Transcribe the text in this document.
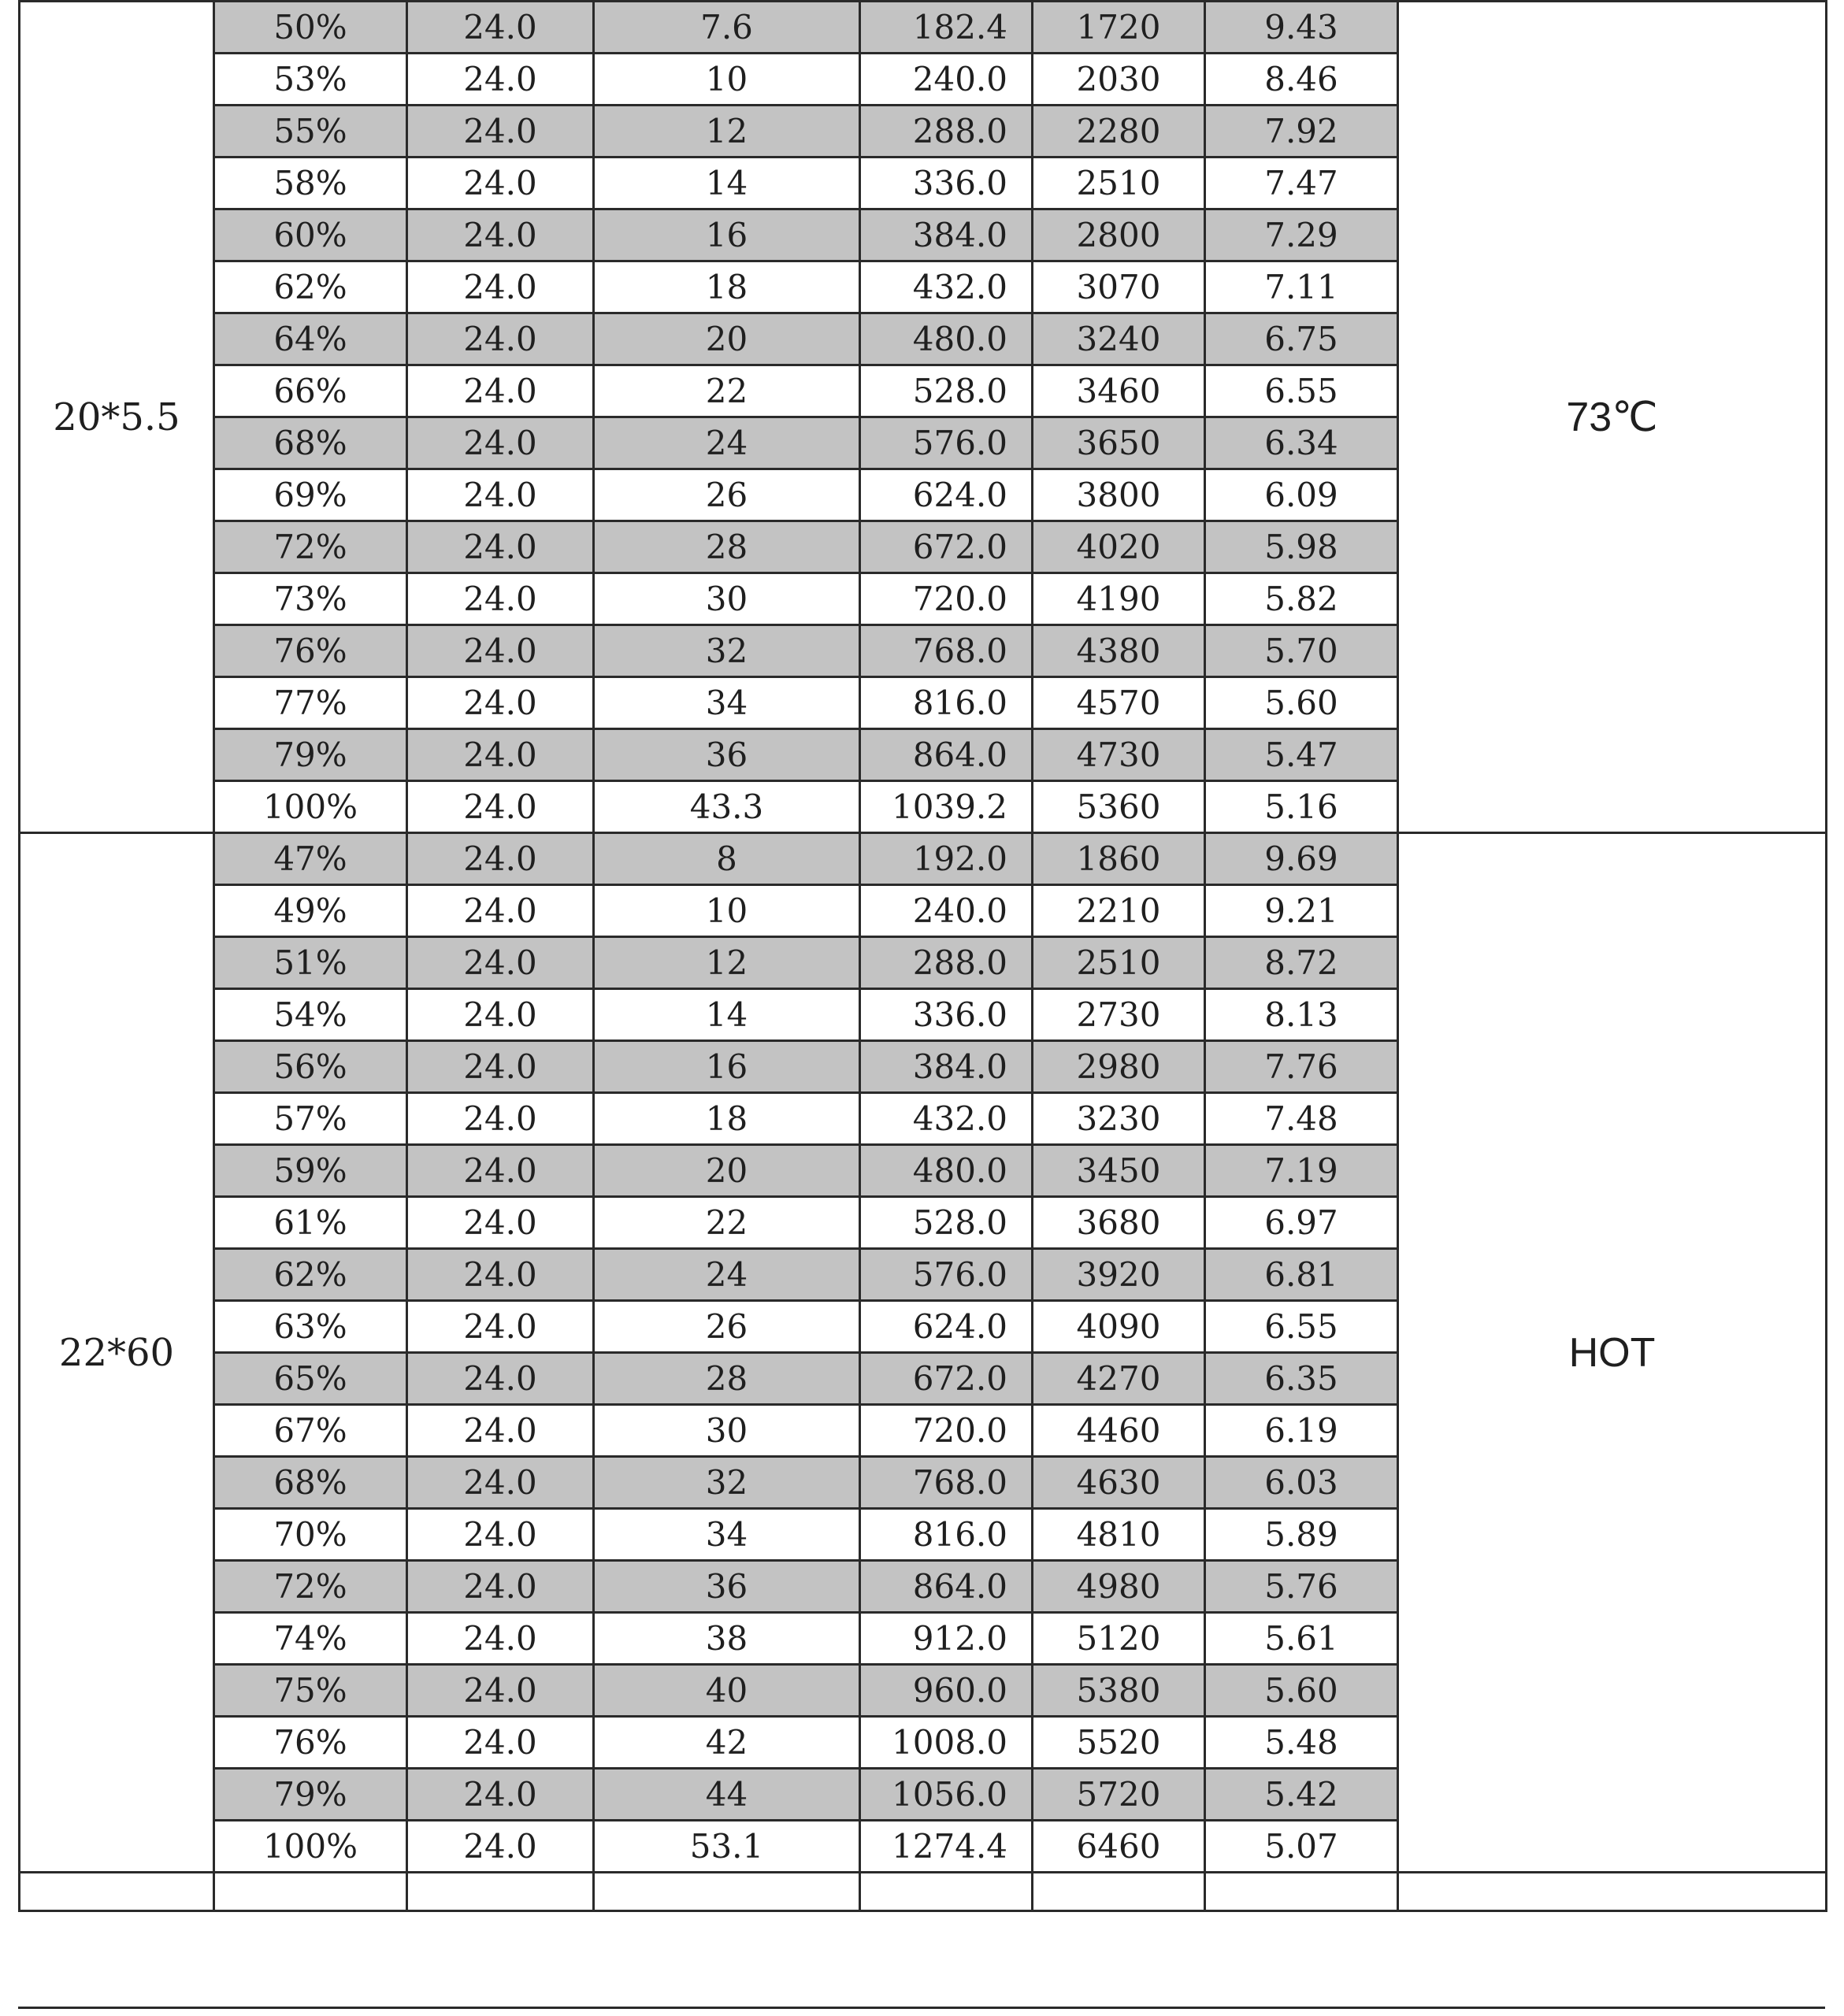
20*5.5	50%	24.0	7.6	182.4	1720	9.43	73℃
	53%	24.0	10	240.0	2030	8.46	
	55%	24.0	12	288.0	2280	7.92	
	58%	24.0	14	336.0	2510	7.47	
	60%	24.0	16	384.0	2800	7.29	
	62%	24.0	18	432.0	3070	7.11	
	64%	24.0	20	480.0	3240	6.75	
	66%	24.0	22	528.0	3460	6.55	
	68%	24.0	24	576.0	3650	6.34	
	69%	24.0	26	624.0	3800	6.09	
	72%	24.0	28	672.0	4020	5.98	
	73%	24.0	30	720.0	4190	5.82	
	76%	24.0	32	768.0	4380	5.70	
	77%	24.0	34	816.0	4570	5.60	
	79%	24.0	36	864.0	4730	5.47	
	100%	24.0	43.3	1039.2	5360	5.16	
22*60	47%	24.0	8	192.0	1860	9.69	HOT
	49%	24.0	10	240.0	2210	9.21	
	51%	24.0	12	288.0	2510	8.72	
	54%	24.0	14	336.0	2730	8.13	
	56%	24.0	16	384.0	2980	7.76	
	57%	24.0	18	432.0	3230	7.48	
	59%	24.0	20	480.0	3450	7.19	
	61%	24.0	22	528.0	3680	6.97	
	62%	24.0	24	576.0	3920	6.81	
	63%	24.0	26	624.0	4090	6.55	
	65%	24.0	28	672.0	4270	6.35	
	67%	24.0	30	720.0	4460	6.19	
	68%	24.0	32	768.0	4630	6.03	
	70%	24.0	34	816.0	4810	5.89	
	72%	24.0	36	864.0	4980	5.76	
	74%	24.0	38	912.0	5120	5.61	
	75%	24.0	40	960.0	5380	5.60	
	76%	24.0	42	1008.0	5520	5.48	
	79%	24.0	44	1056.0	5720	5.42	
	100%	24.0	53.1	1274.4	6460	5.07	
